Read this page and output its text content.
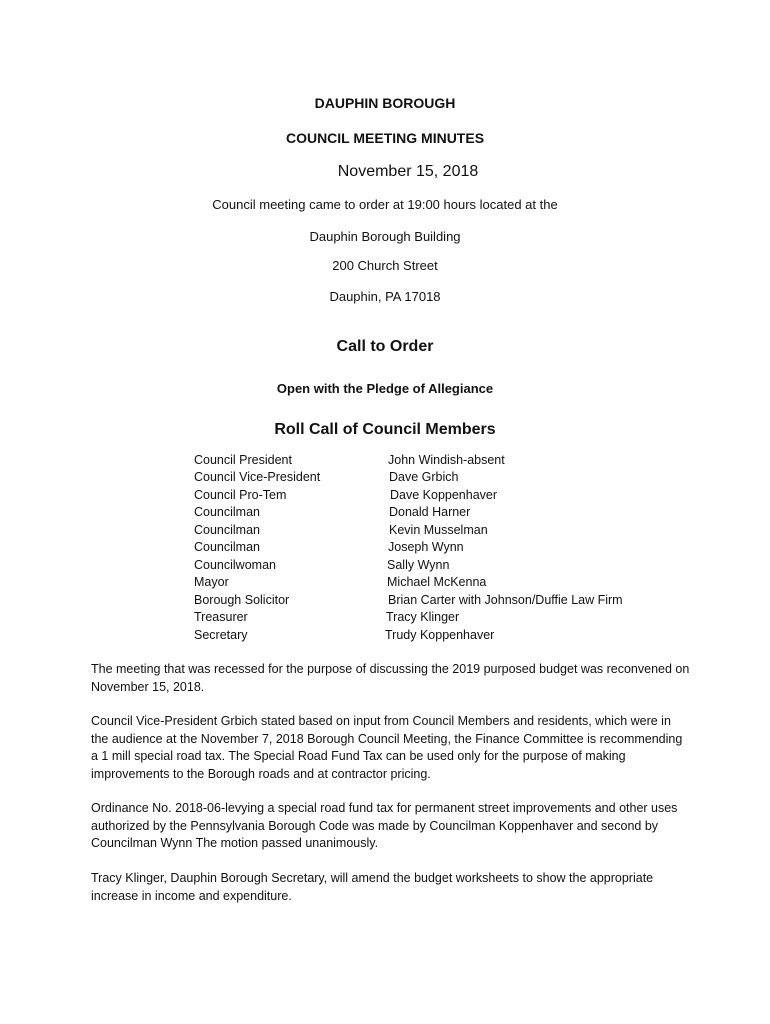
DAUPHIN BOROUGH
COUNCIL MEETING MINUTES
November 15, 2018
Council meeting came to order at 19:00 hours located at the
Dauphin Borough Building
200 Church Street
Dauphin, PA 17018
Call to Order
Open with the Pledge of Allegiance
Roll Call of Council Members
Council President	John Windish-absent
Council Vice-President	Dave Grbich
Council Pro-Tem	Dave Koppenhaver
Councilman	Donald Harner
Councilman	Kevin Musselman
Councilman	Joseph Wynn
Councilwoman	Sally Wynn
Mayor	Michael McKenna
Borough Solicitor	Brian Carter with Johnson/Duffie Law Firm
Treasurer	Tracy Klinger
Secretary	Trudy Koppenhaver

The meeting that was recessed for the purpose of discussing the 2019 purposed budget was reconvened on November 15, 2018.

Council Vice-President Grbich stated based on input from Council Members and residents, which were in the audience at the November 7, 2018 Borough Council Meeting, the Finance Committee is recommending a 1 mill special road tax. The Special Road Fund Tax can be used only for the purpose of making improvements to the Borough roads and at contractor pricing.

Ordinance No. 2018-06-levying a special road fund tax for permanent street improvements and other uses authorized by the Pennsylvania Borough Code was made by Councilman Koppenhaver and second by Councilman Wynn The motion passed unanimously.

Tracy Klinger, Dauphin Borough Secretary, will amend the budget worksheets to show the appropriate increase in income and expenditure.
